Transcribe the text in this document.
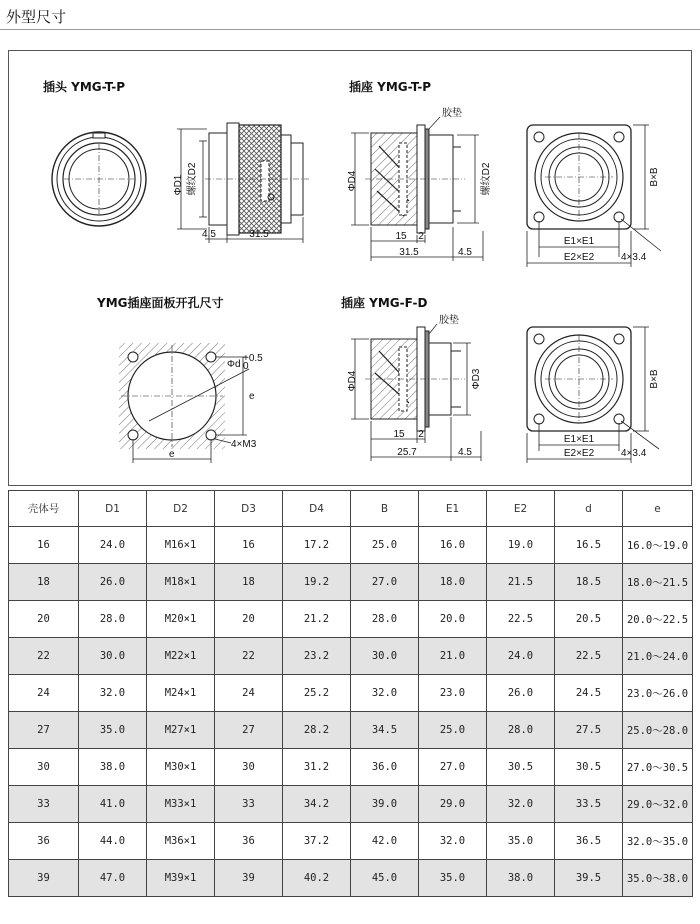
外型尺寸
插头 YMG-T-P
ΦD1 螺纹D2
4.5	31.5
插座 YMG-T-P
胶垫
ΦD4	螺纹D2
15 2
31.5	4.5
B×B
E1×E1
E2×E2	4×3.4
YMG插座面板开孔尺寸
Φd
+0.5
0
e
e
4×M3
插座 YMG-F-D
胶垫
ΦD4	ΦD3
15 2
25.7	4.5
B×B
E1×E1
E2×E2	4×3.4
壳体号	D1	D2	D3	D4	B	E1	E2	d	e
16	24.0	M16×1	16	17.2	25.0	16.0	19.0	16.5	16.0～19.0
18	26.0	M18×1	18	19.2	27.0	18.0	21.5	18.5	18.0～21.5
20	28.0	M20×1	20	21.2	28.0	20.0	22.5	20.5	20.0～22.5
22	30.0	M22×1	22	23.2	30.0	21.0	24.0	22.5	21.0～24.0
24	32.0	M24×1	24	25.2	32.0	23.0	26.0	24.5	23.0～26.0
27	35.0	M27×1	27	28.2	34.5	25.0	28.0	27.5	25.0～28.0
30	38.0	M30×1	30	31.2	36.0	27.0	30.5	30.5	27.0～30.5
33	41.0	M33×1	33	34.2	39.0	29.0	32.0	33.5	29.0～32.0
36	44.0	M36×1	36	37.2	42.0	32.0	35.0	36.5	32.0～35.0
39	47.0	M39×1	39	40.2	45.0	35.0	38.0	39.5	35.0～38.0
